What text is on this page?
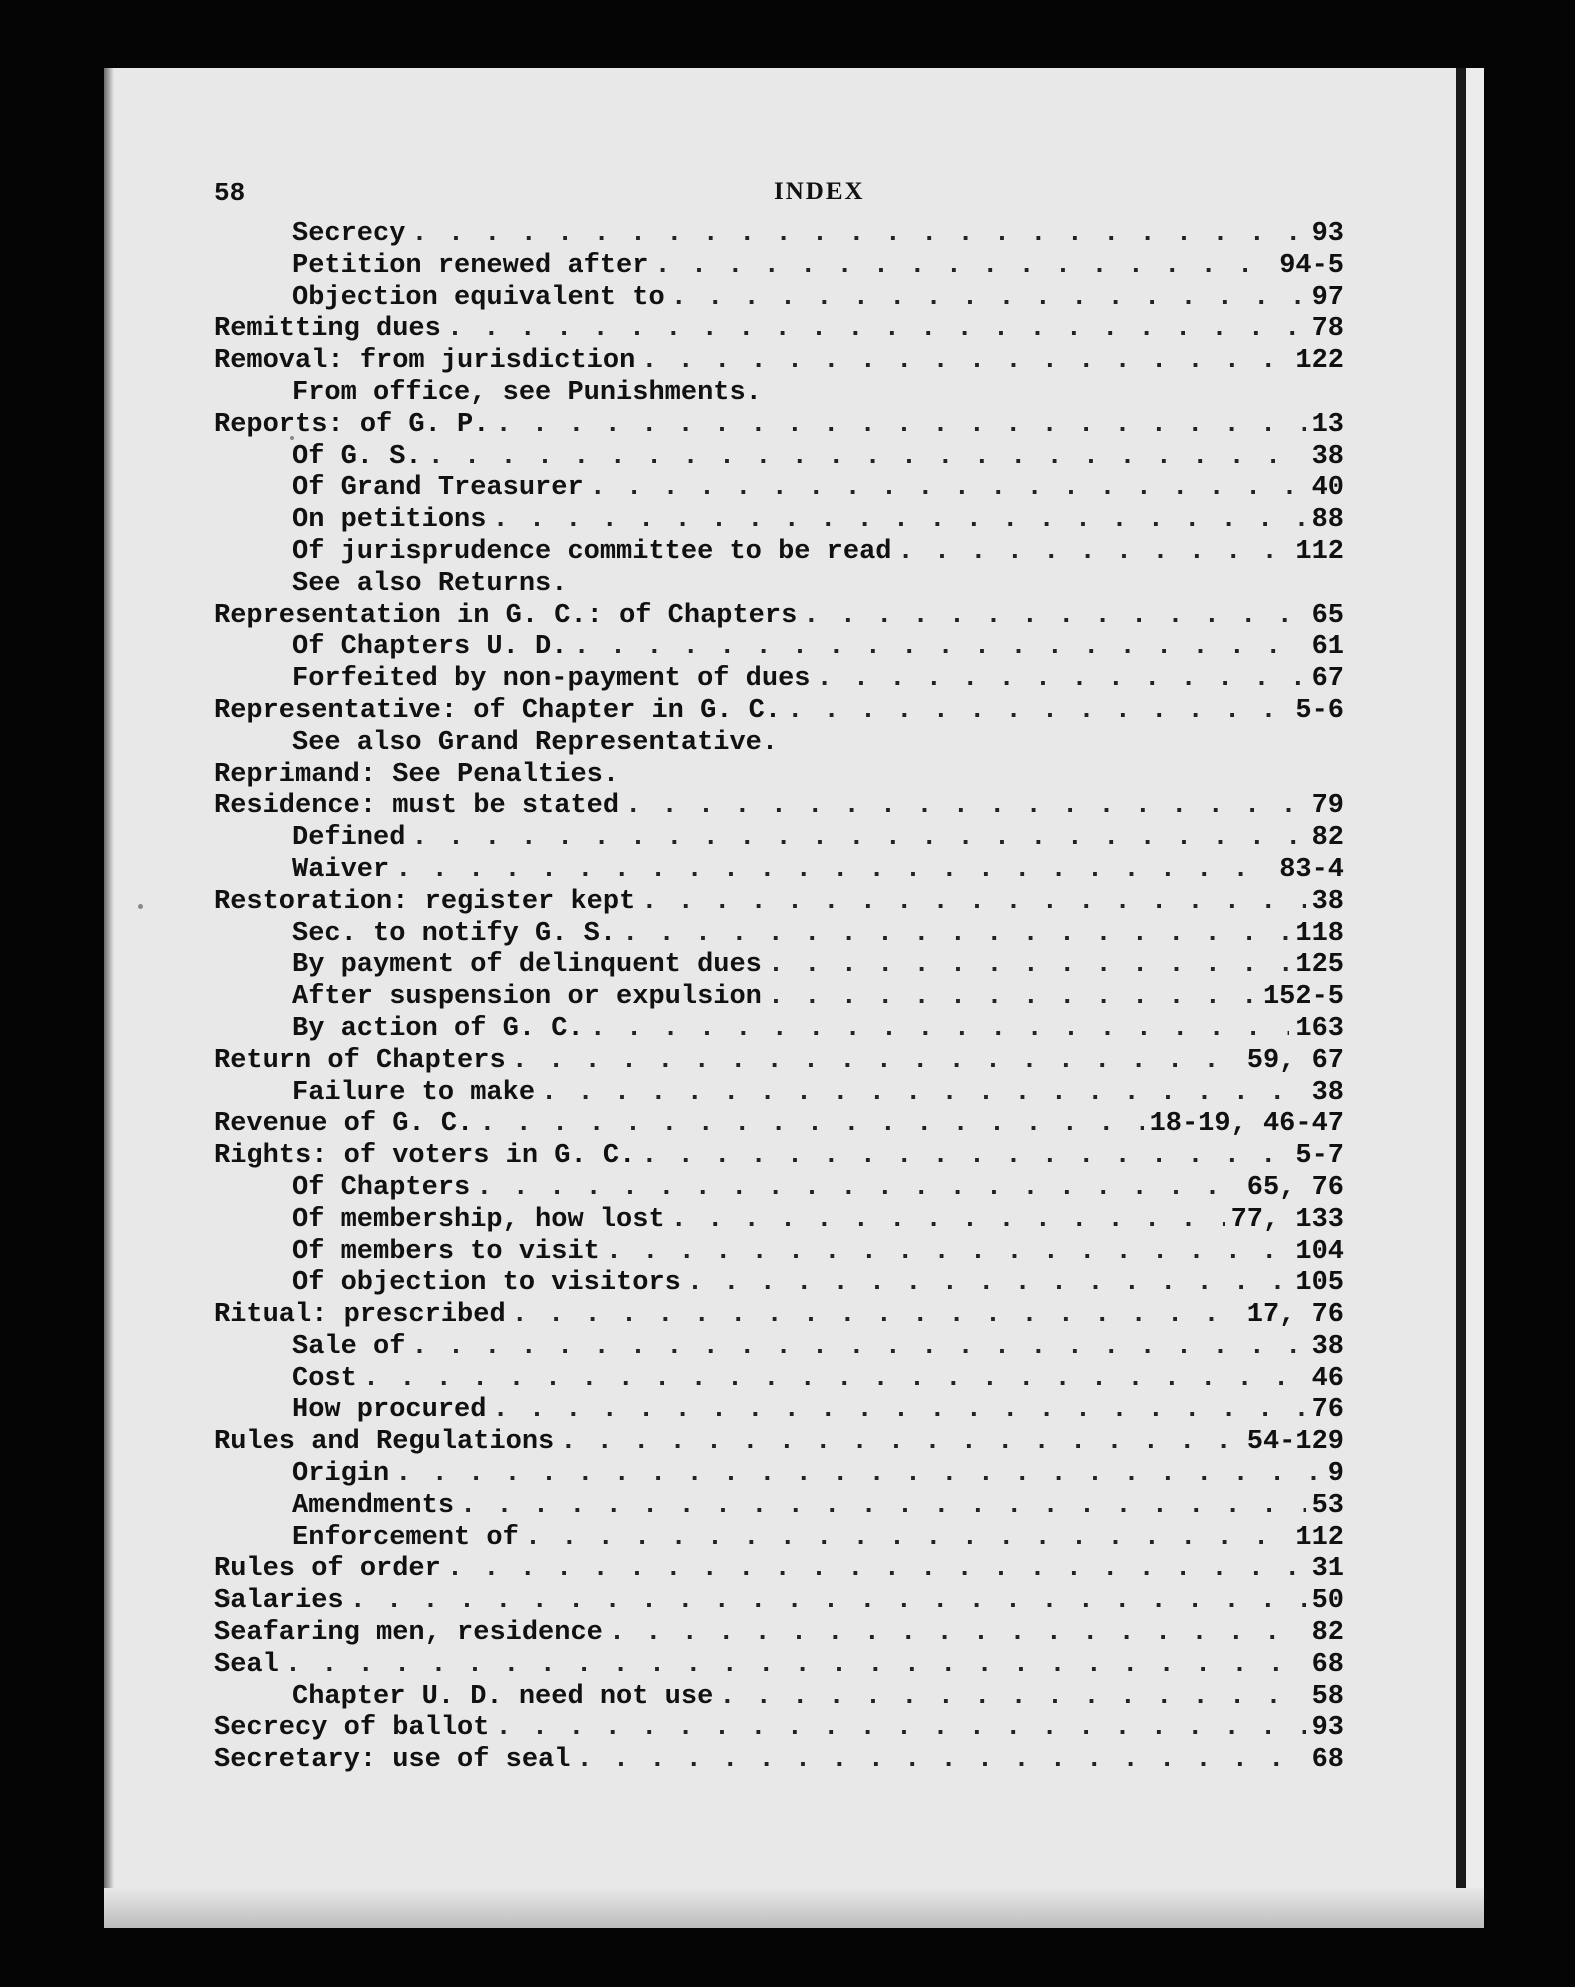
58	INDEX
Secrecy . . .	93
Petition renewed after . . .	94-5
Objection equivalent to . . .	97
Remitting dues . . .	78
Removal: from jurisdiction . . .	122
From office, see Punishments.
Reports: of G. P. . . .	13
Of G. S. . . .	38
Of Grand Treasurer . . .	40
On petitions . . .	88
Of jurisprudence committee to be read . . .	112
See also Returns.
Representation in G. C.: of Chapters . . .	65
Of Chapters U. D. . . .	61
Forfeited by non-payment of dues . . .	67
Representative: of Chapter in G. C. . . .	5-6
See also Grand Representative.
Reprimand: See Penalties.
Residence: must be stated . . .	79
Defined . . .	82
Waiver . . .	83-4
Restoration: register kept . . .	38
Sec. to notify G. S. . . .	118
By payment of delinquent dues . . .	125
After suspension or expulsion . . .	152-5
By action of G. C. . . .	163
Return of Chapters . . .	59, 67
Failure to make . . .	38
Revenue of G. C. . . .	18-19, 46-47
Rights: of voters in G. C. . . .	5-7
Of Chapters . . .	65, 76
Of membership, how lost . . .	77, 133
Of members to visit . . .	104
Of objection to visitors . . .	105
Ritual: prescribed . . .	17, 76
Sale of . . .	38
Cost . . .	46
How procured . . .	76
Rules and Regulations . . .	54-129
Origin . . .	9
Amendments . . .	53
Enforcement of . . .	112
Rules of order . . .	31
Salaries . . .	50
Seafaring men, residence . . .	82
Seal . . .	68
Chapter U. D. need not use . . .	58
Secrecy of ballot . . .	93
Secretary: use of seal . . .	68
